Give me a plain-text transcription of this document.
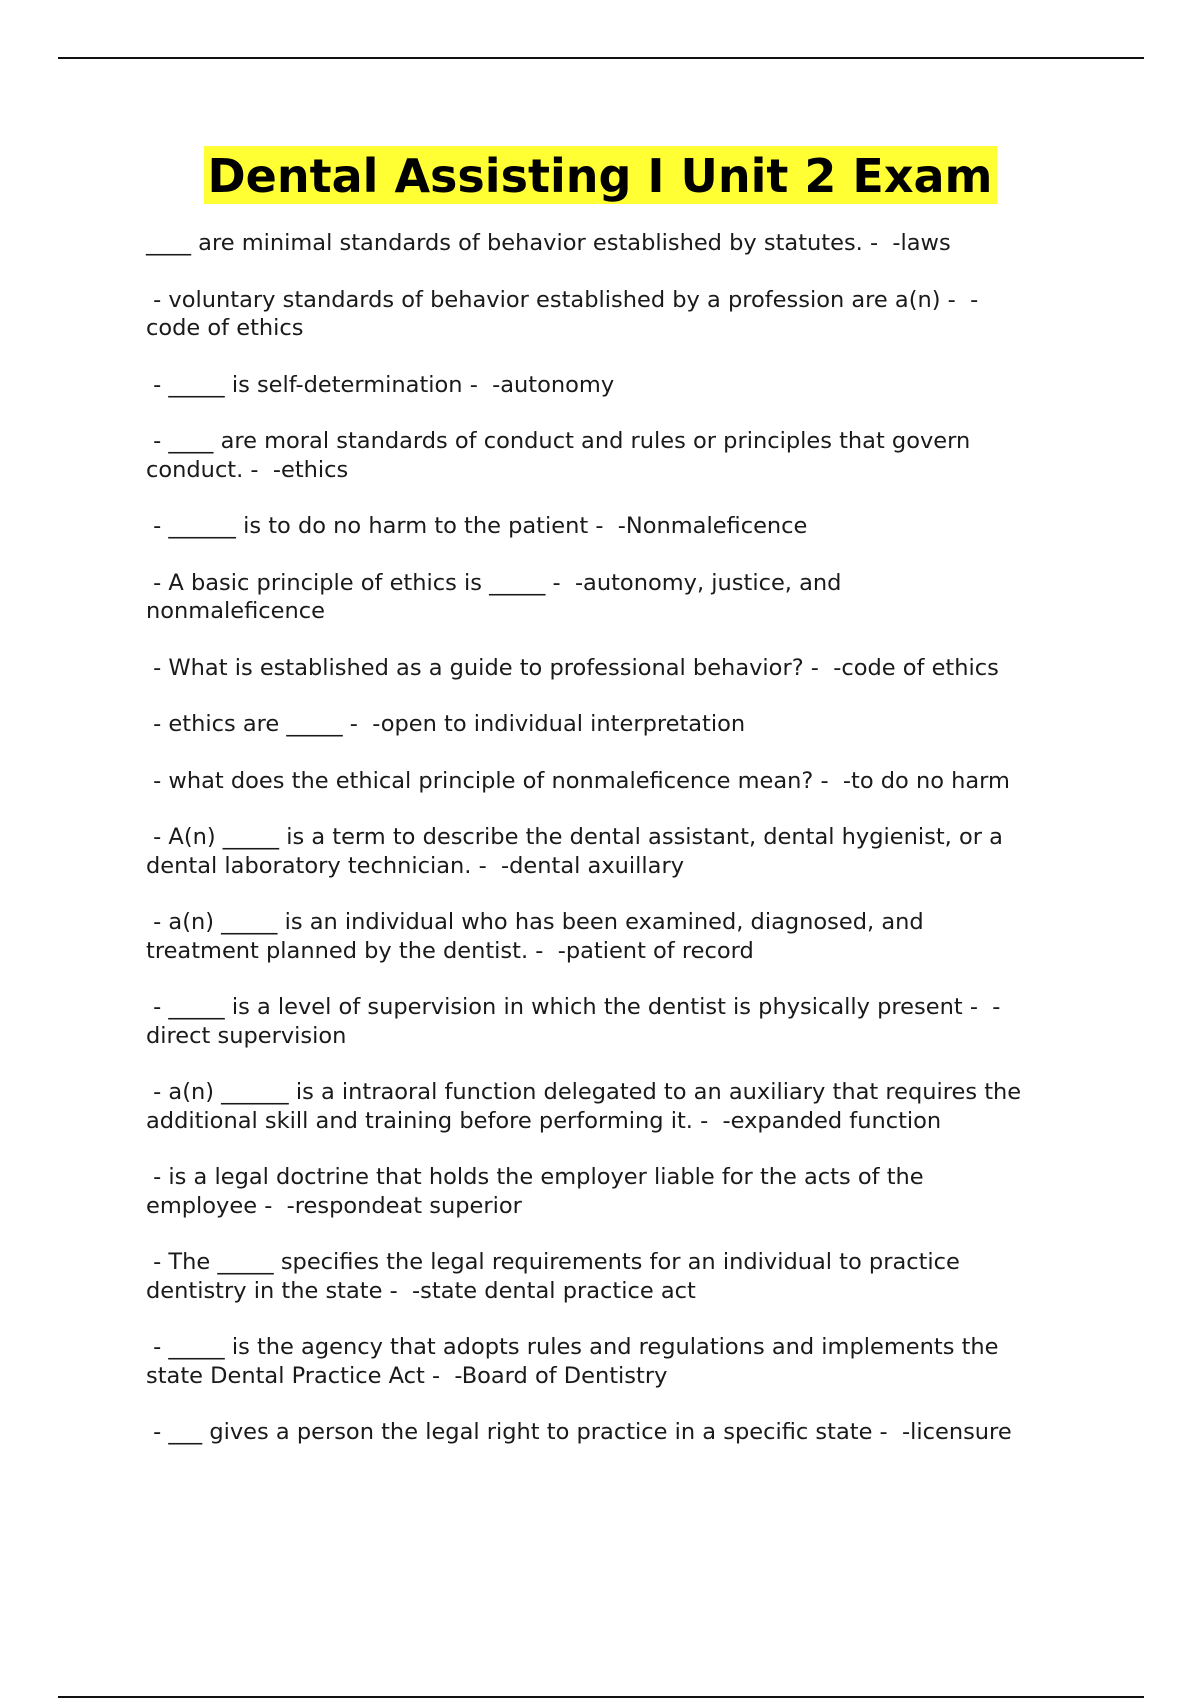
Dental Assisting I Unit 2 Exam

____ are minimal standards of behavior established by statutes. -  -laws

- voluntary standards of behavior established by a profession are a(n) -  -
code of ethics

- _____ is self-determination -  -autonomy

- ____ are moral standards of conduct and rules or principles that govern
conduct. -  -ethics

- ______ is to do no harm to the patient -  -Nonmaleficence

- A basic principle of ethics is _____ -  -autonomy, justice, and
nonmaleficence

- What is established as a guide to professional behavior? -  -code of ethics

- ethics are _____ -  -open to individual interpretation

- what does the ethical principle of nonmaleficence mean? -  -to do no harm

- A(n) _____ is a term to describe the dental assistant, dental hygienist, or a
dental laboratory technician. -  -dental axuillary

- a(n) _____ is an individual who has been examined, diagnosed, and
treatment planned by the dentist. -  -patient of record

- _____ is a level of supervision in which the dentist is physically present -  -
direct supervision

- a(n) ______ is a intraoral function delegated to an auxiliary that requires the
additional skill and training before performing it. -  -expanded function

- is a legal doctrine that holds the employer liable for the acts of the
employee -  -respondeat superior

- The _____ specifies the legal requirements for an individual to practice
dentistry in the state -  -state dental practice act

- _____ is the agency that adopts rules and regulations and implements the
state Dental Practice Act -  -Board of Dentistry

- ___ gives a person the legal right to practice in a specific state -  -licensure
